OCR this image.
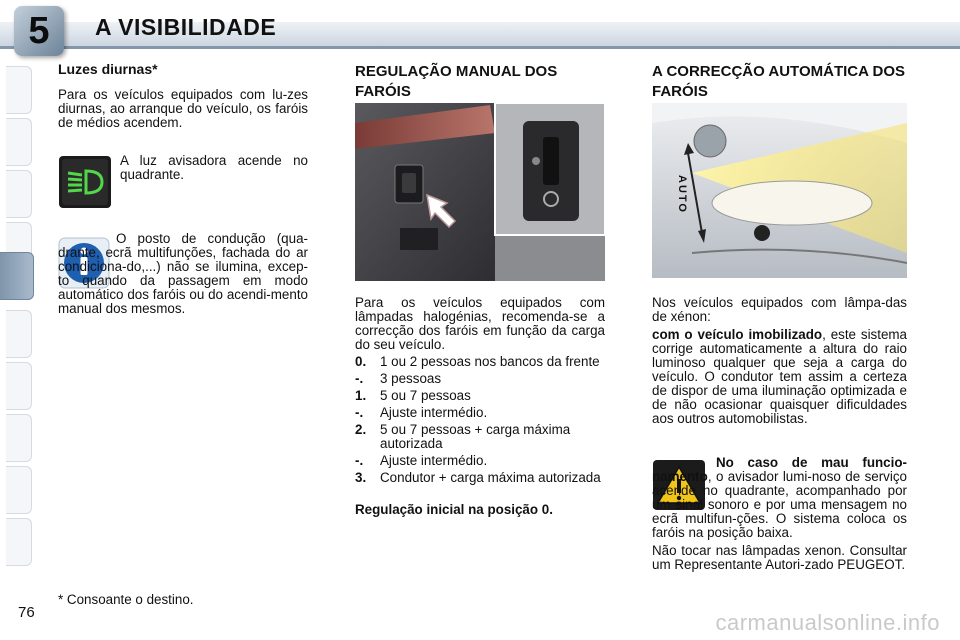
5 A VISIBILIDADE
Luzes diurnas*

Para os veículos equipados com lu-zes diurnas, ao arranque do veículo, os faróis de médios acendem.

A luz avisadora acende no quadrante.

O posto de condução (qua-drante, ecrã multifunções, fachada do ar condiciona-do,...) não se ilumina, excep-to quando da passagem em modo automático dos faróis ou do acendi-mento manual dos mesmos.

* Consoante o destino.

REGULAÇÃO MANUAL DOS FARÓIS

Para os veículos equipados com lâmpadas halogénias, recomenda-se a correcção dos faróis em função da carga do seu veículo.

0.	1 ou 2 pessoas nos bancos da frente
-.	3 pessoas
1.	5 ou 7 pessoas
-.	Ajuste intermédio.
2.	5 ou 7 pessoas + carga máxima autorizada
-.	Ajuste intermédio.
3.	Condutor + carga máxima autorizada

Regulação inicial na posição 0.

A CORRECÇÃO AUTOMÁTICA DOS FARÓIS
AUTO

Nos veículos equipados com lâmpa-das de xénon:

com o veículo imobilizado, este sistema corrige automaticamente a altura do raio luminoso qualquer que seja a carga do veículo. O condutor tem assim a certeza de dispor de uma iluminação optimizada e de não ocasionar quaisquer dificuldades aos outros automobilistas.

No caso de mau funcio-namento, o avisador lumi-noso de serviço acende no quadrante, acompanhado por um sinal sonoro e por uma mensagem no ecrã multifun-ções. O sistema coloca os faróis na posição baixa.

Não tocar nas lâmpadas xenon. Consultar um Representante Autori-zado PEUGEOT.

76	carmanualsonline.info
